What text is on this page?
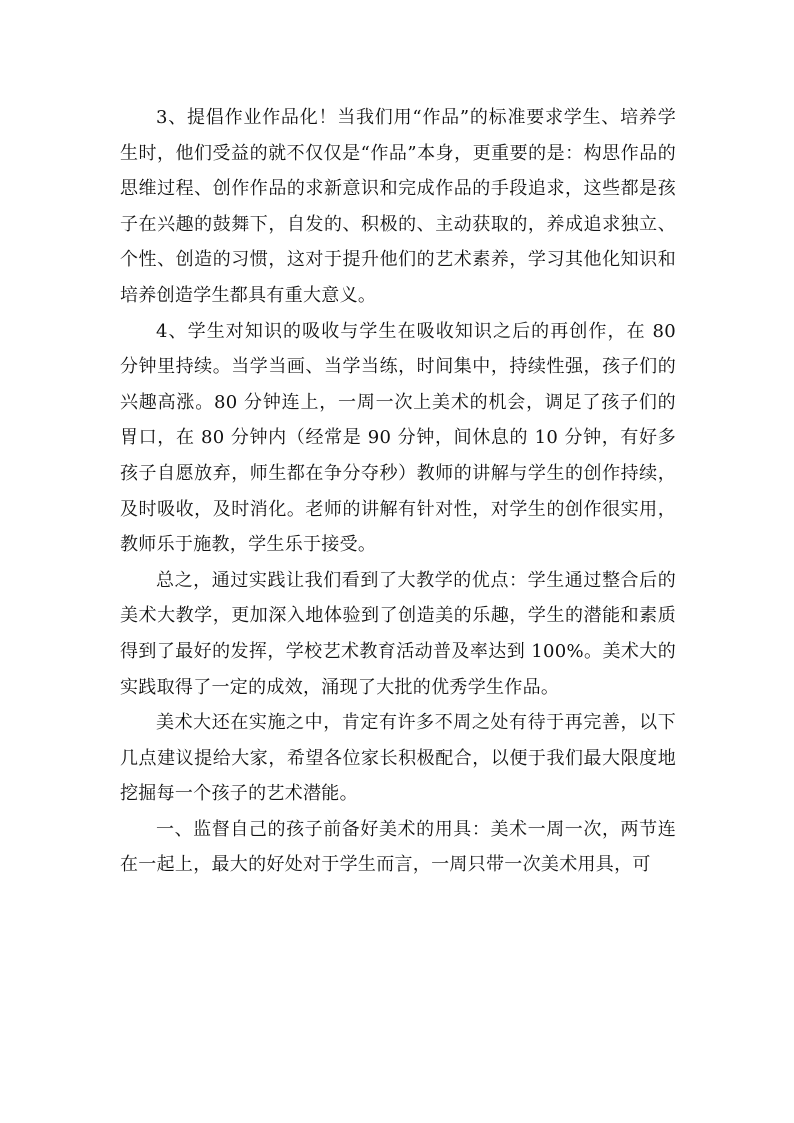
3、提倡作业作品化！当我们用“作品”的标准要求学生、培养学生时，他们受益的就不仅仅是“作品”本身，更重要的是：构思作品的思维过程、创作作品的求新意识和完成作品的手段追求，这些都是孩子在兴趣的鼓舞下，自发的、积极的、主动获取的，养成追求独立、个性、创造的习惯，这对于提升他们的艺术素养，学习其他化知识和培养创造学生都具有重大意义。

4、学生对知识的吸收与学生在吸收知识之后的再创作，在 80 分钟里持续。当学当画、当学当练，时间集中，持续性强，孩子们的兴趣高涨。80 分钟连上，一周一次上美术的机会，调足了孩子们的胃口，在 80 分钟内（经常是 90 分钟，间休息的 10 分钟，有好多孩子自愿放弃，师生都在争分夺秒）教师的讲解与学生的创作持续，及时吸收，及时消化。老师的讲解有针对性，对学生的创作很实用，教师乐于施教，学生乐于接受。

总之，通过实践让我们看到了大教学的优点：学生通过整合后的美术大教学，更加深入地体验到了创造美的乐趣，学生的潜能和素质得到了最好的发挥，学校艺术教育活动普及率达到 100%。美术大的实践取得了一定的成效，涌现了大批的优秀学生作品。

美术大还在实施之中，肯定有许多不周之处有待于再完善，以下几点建议提给大家，希望各位家长积极配合，以便于我们最大限度地挖掘每一个孩子的艺术潜能。

一、监督自己的孩子前备好美术的用具：美术一周一次，两节连在一起上，最大的好处对于学生而言，一周只带一次美术用具，可
